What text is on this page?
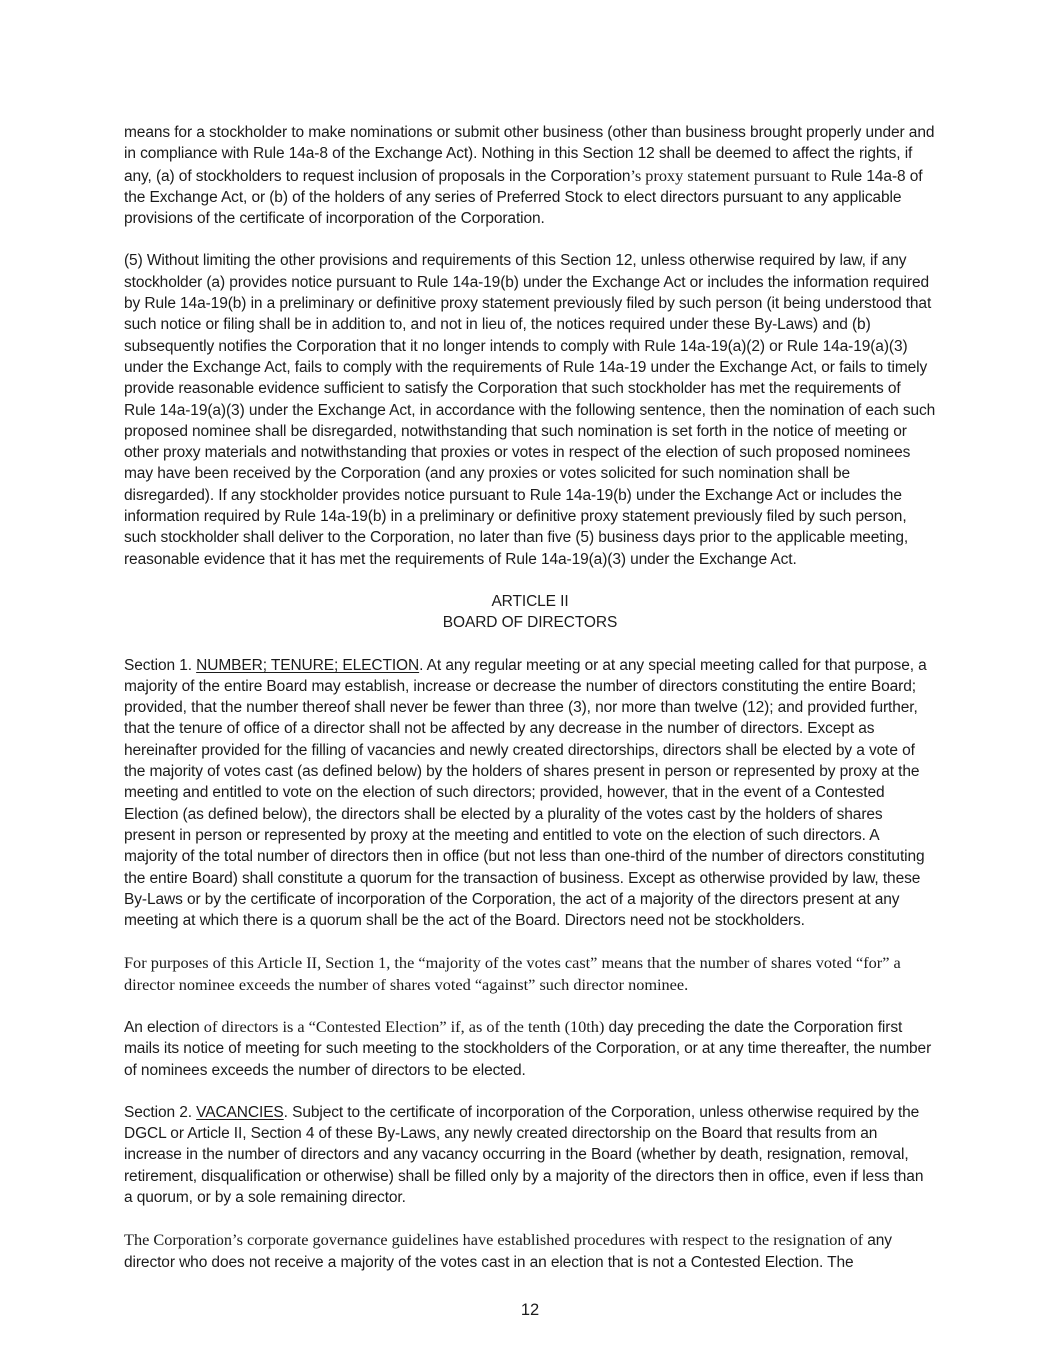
means for a stockholder to make nominations or submit other business (other than business brought properly under and in compliance with Rule 14a-8 of the Exchange Act). Nothing in this Section 12 shall be deemed to affect the rights, if any, (a) of stockholders to request inclusion of proposals in the Corporation’s proxy statement pursuant to Rule 14a-8 of the Exchange Act, or (b) of the holders of any series of Preferred Stock to elect directors pursuant to any applicable provisions of the certificate of incorporation of the Corporation.

(5) Without limiting the other provisions and requirements of this Section 12, unless otherwise required by law, if any stockholder (a) provides notice pursuant to Rule 14a-19(b) under the Exchange Act or includes the information required by Rule 14a-19(b) in a preliminary or definitive proxy statement previously filed by such person (it being understood that such notice or filing shall be in addition to, and not in lieu of, the notices required under these By-Laws) and (b) subsequently notifies the Corporation that it no longer intends to comply with Rule 14a-19(a)(2) or Rule 14a-19(a)(3) under the Exchange Act, fails to comply with the requirements of Rule 14a-19 under the Exchange Act, or fails to timely provide reasonable evidence sufficient to satisfy the Corporation that such stockholder has met the requirements of Rule 14a-19(a)(3) under the Exchange Act, in accordance with the following sentence, then the nomination of each such proposed nominee shall be disregarded, notwithstanding that such nomination is set forth in the notice of meeting or other proxy materials and notwithstanding that proxies or votes in respect of the election of such proposed nominees may have been received by the Corporation (and any proxies or votes solicited for such nomination shall be disregarded). If any stockholder provides notice pursuant to Rule 14a-19(b) under the Exchange Act or includes the information required by Rule 14a-19(b) in a preliminary or definitive proxy statement previously filed by such person, such stockholder shall deliver to the Corporation, no later than five (5) business days prior to the applicable meeting, reasonable evidence that it has met the requirements of Rule 14a-19(a)(3) under the Exchange Act.

ARTICLE II
BOARD OF DIRECTORS

Section 1. NUMBER; TENURE; ELECTION. At any regular meeting or at any special meeting called for that purpose, a majority of the entire Board may establish, increase or decrease the number of directors constituting the entire Board; provided, that the number thereof shall never be fewer than three (3), nor more than twelve (12); and provided further, that the tenure of office of a director shall not be affected by any decrease in the number of directors. Except as hereinafter provided for the filling of vacancies and newly created directorships, directors shall be elected by a vote of the majority of votes cast (as defined below) by the holders of shares present in person or represented by proxy at the meeting and entitled to vote on the election of such directors; provided, however, that in the event of a Contested Election (as defined below), the directors shall be elected by a plurality of the votes cast by the holders of shares present in person or represented by proxy at the meeting and entitled to vote on the election of such directors. A majority of the total number of directors then in office (but not less than one-third of the number of directors constituting the entire Board) shall constitute a quorum for the transaction of business. Except as otherwise provided by law, these By-Laws or by the certificate of incorporation of the Corporation, the act of a majority of the directors present at any meeting at which there is a quorum shall be the act of the Board. Directors need not be stockholders.

For purposes of this Article II, Section 1, the “majority of the votes cast” means that the number of shares voted “for” a director nominee exceeds the number of shares voted “against” such director nominee.

An election of directors is a “Contested Election” if, as of the tenth (10th) day preceding the date the Corporation first mails its notice of meeting for such meeting to the stockholders of the Corporation, or at any time thereafter, the number of nominees exceeds the number of directors to be elected.

Section 2. VACANCIES. Subject to the certificate of incorporation of the Corporation, unless otherwise required by the DGCL or Article II, Section 4 of these By-Laws, any newly created directorship on the Board that results from an increase in the number of directors and any vacancy occurring in the Board (whether by death, resignation, removal, retirement, disqualification or otherwise) shall be filled only by a majority of the directors then in office, even if less than a quorum, or by a sole remaining director.

The Corporation’s corporate governance guidelines have established procedures with respect to the resignation of any director who does not receive a majority of the votes cast in an election that is not a Contested Election. The

12
